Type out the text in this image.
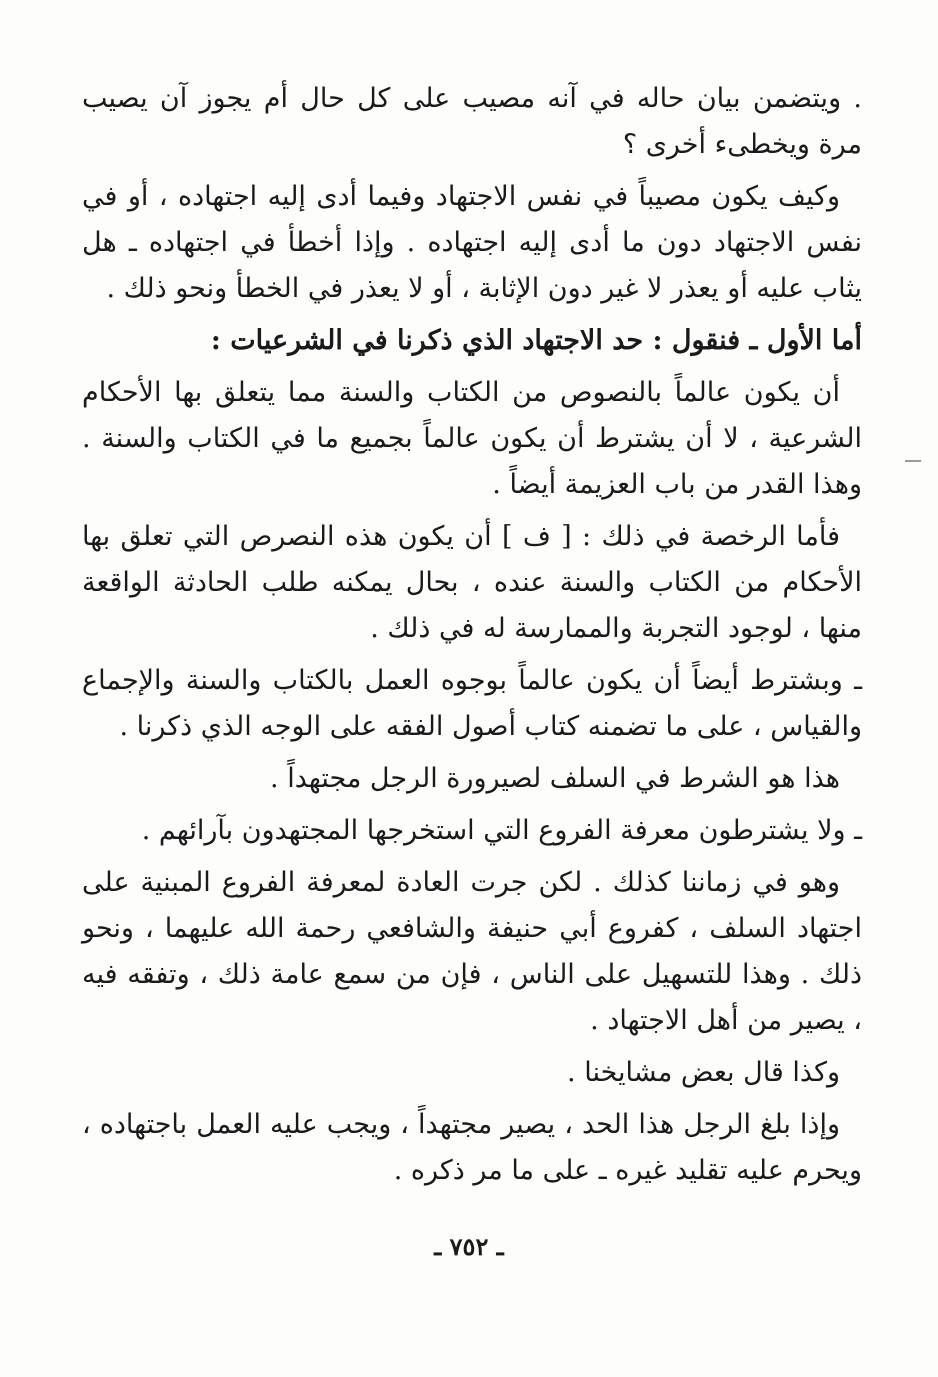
. ويتضمن بيان حاله في آنه مصيب على كل حال أم يجوز آن يصيب مرة ويخطىء أخرى ؟

وكيف يكون مصيباً في نفس الاجتهاد وفيما أدى إليه اجتهاده ، أو في نفس الاجتهاد دون ما أدى إليه اجتهاده . وإذا أخطأ في اجتهاده ـ هل يثاب عليه أو يعذر لا غير دون الإثابة ، أو لا يعذر في الخطأ ونحو ذلك .

أما الأول ـ فنقول : حد الاجتهاد الذي ذكرنا في الشرعيات :

أن يكون عالماً بالنصوص من الكتاب والسنة مما يتعلق بها الأحكام الشرعية ، لا أن يشترط أن يكون عالماً بجميع ما في الكتاب والسنة . وهذا القدر من باب العزيمة أيضاً .

فأما الرخصة في ذلك : [ ف ] أن يكون هذه النصرص التي تعلق بها الأحكام من الكتاب والسنة عنده ، بحال يمكنه طلب الحادثة الواقعة منها ، لوجود التجربة والممارسة له في ذلك .

ـ وبشترط أيضاً أن يكون عالماً بوجوه العمل بالكتاب والسنة والإجماع والقياس ، على ما تضمنه كتاب أصول الفقه على الوجه الذي ذكرنا .

هذا هو الشرط في السلف لصيرورة الرجل مجتهداً .

ـ ولا يشترطون معرفة الفروع التي استخرجها المجتهدون بآرائهم .

وهو في زماننا كذلك . لكن جرت العادة لمعرفة الفروع المبنية على اجتهاد السلف ، كفروع أبي حنيفة والشافعي رحمة الله عليهما ، ونحو ذلك . وهذا للتسهيل على الناس ، فإن من سمع عامة ذلك ، وتفقه فيه ، يصير من أهل الاجتهاد .

وكذا قال بعض مشايخنا .

وإذا بلغ الرجل هذا الحد ، يصير مجتهداً ، ويجب عليه العمل باجتهاده ، ويحرم عليه تقليد غيره ـ على ما مر ذكره .

ـ ٧٥٢ ـ
